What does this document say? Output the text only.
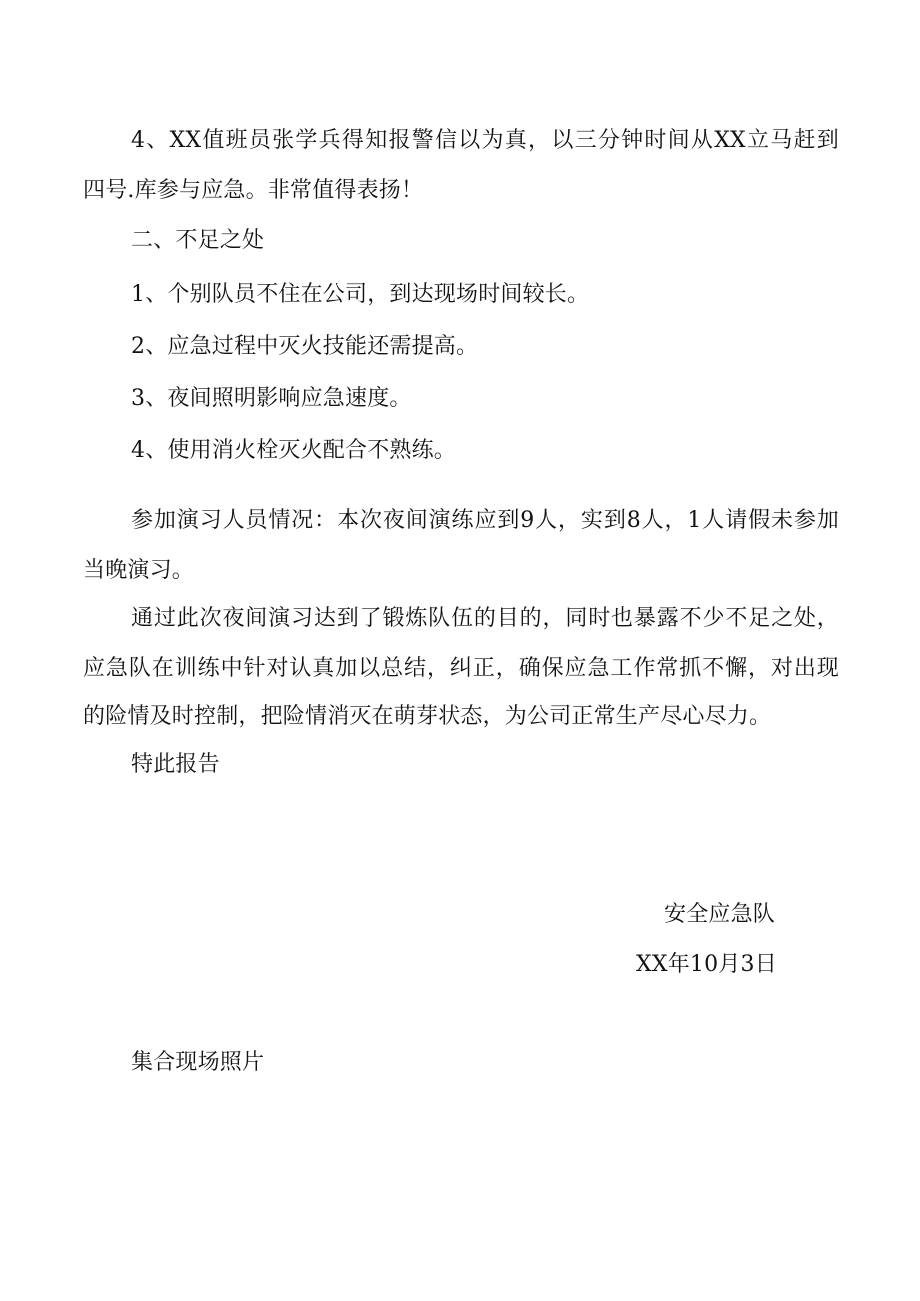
4、XX值班员张学兵得知报警信以为真，以三分钟时间从XX立马赶到
四号.库参与应急。非常值得表扬！
二、不足之处
1、个别队员不住在公司，到达现场时间较长。
2、应急过程中灭火技能还需提高。
3、夜间照明影响应急速度。
4、使用消火栓灭火配合不熟练。
参加演习人员情况：本次夜间演练应到9人，实到8人，1人请假未参加
当晚演习。
通过此次夜间演习达到了锻炼队伍的目的，同时也暴露不少不足之处，
应急队在训练中针对认真加以总结，纠正，确保应急工作常抓不懈，对出现
的险情及时控制，把险情消灭在萌芽状态，为公司正常生产尽心尽力。
特此报告
安全应急队
XX年10月3日
集合现场照片
